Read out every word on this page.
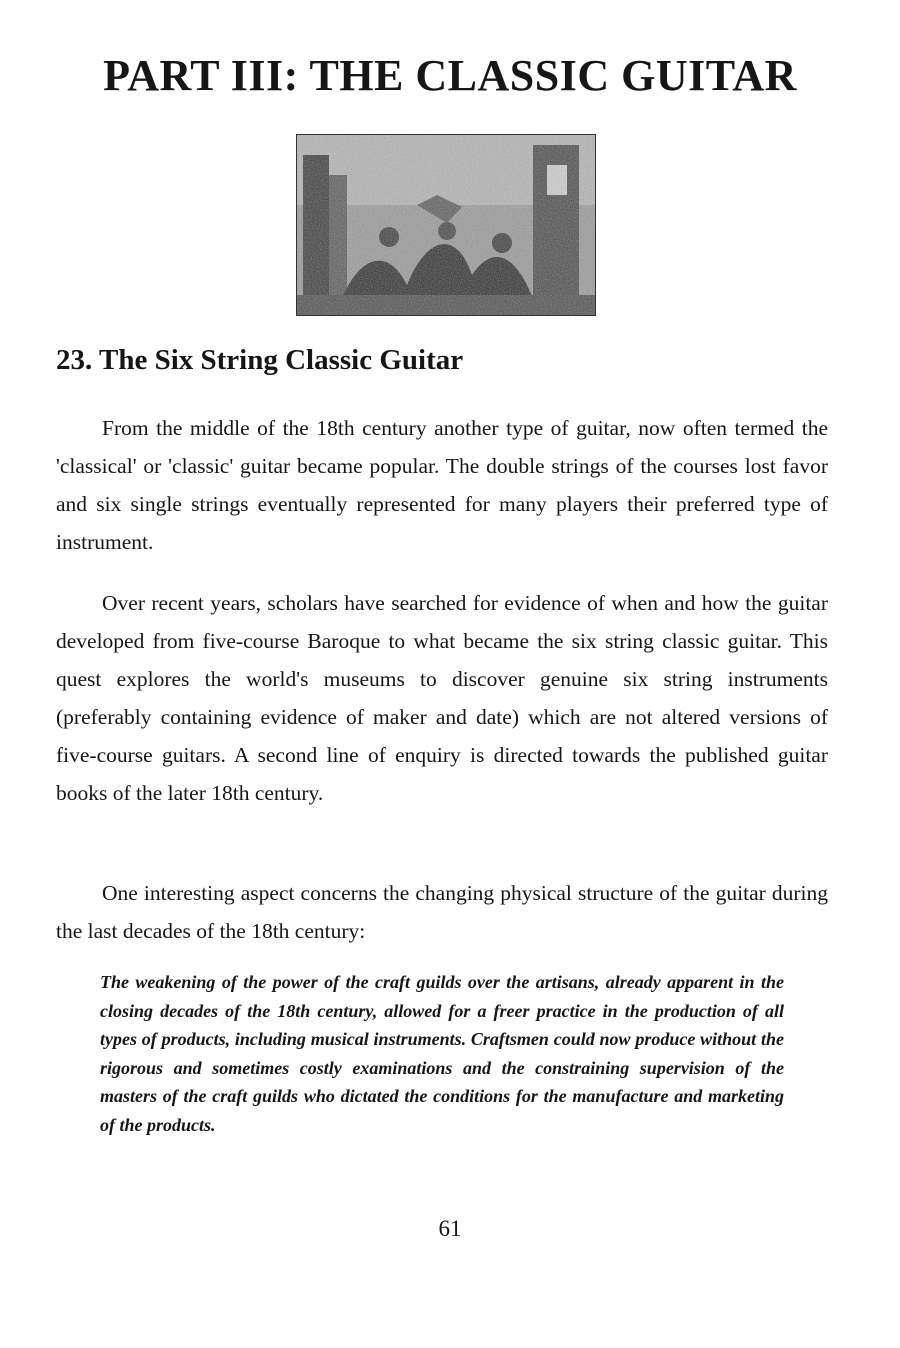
PART III: THE CLASSIC GUITAR
23. The Six String Classic Guitar

From the middle of the 18th century another type of guitar, now often termed the 'classical' or 'classic' guitar became popular. The double strings of the courses lost favor and six single strings eventually represented for many players their preferred type of instrument.

Over recent years, scholars have searched for evidence of when and how the guitar developed from five-course Baroque to what became the six string classic guitar. This quest explores the world's museums to discover genuine six string instruments (preferably containing evidence of maker and date) which are not altered versions of five-course guitars. A second line of enquiry is directed towards the published guitar books of the later 18th century.

One interesting aspect concerns the changing physical structure of the guitar during the last decades of the 18th century:

The weakening of the power of the craft guilds over the artisans, already apparent in the closing decades of the 18th century, allowed for a freer practice in the production of all types of products, including musical instruments. Craftsmen could now produce without the rigorous and sometimes costly examinations and the constraining supervision of the masters of the craft guilds who dictated the conditions for the manufacture and marketing of the products.

61
